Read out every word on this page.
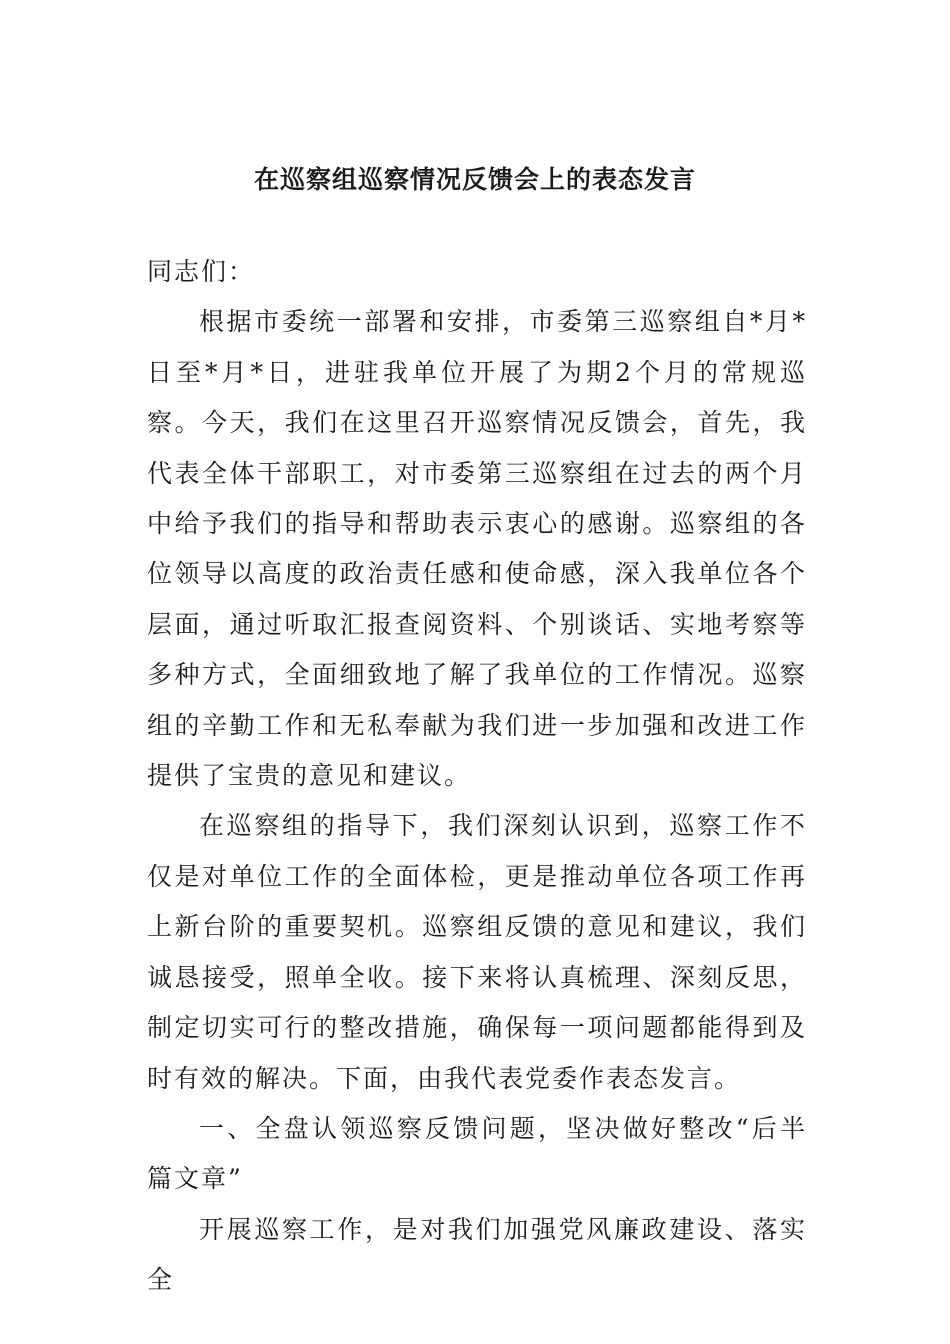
在巡察组巡察情况反馈会上的表态发言

同志们：

根据市委统一部署和安排，市委第三巡察组自*月*日至*月*日，进驻我单位开展了为期2个月的常规巡察。今天，我们在这里召开巡察情况反馈会，首先，我代表全体干部职工，对市委第三巡察组在过去的两个月中给予我们的指导和帮助表示衷心的感谢。巡察组的各位领导以高度的政治责任感和使命感，深入我单位各个层面，通过听取汇报查阅资料、个别谈话、实地考察等多种方式，全面细致地了解了我单位的工作情况。巡察组的辛勤工作和无私奉献为我们进一步加强和改进工作提供了宝贵的意见和建议。

在巡察组的指导下，我们深刻认识到，巡察工作不仅是对单位工作的全面体检，更是推动单位各项工作再上新台阶的重要契机。巡察组反馈的意见和建议，我们诚恳接受，照单全收。接下来将认真梳理、深刻反思，制定切实可行的整改措施，确保每一项问题都能得到及时有效的解决。下面，由我代表党委作表态发言。

一、全盘认领巡察反馈问题，坚决做好整改“后半篇文章”

开展巡察工作，是对我们加强党风廉政建设、落实全
